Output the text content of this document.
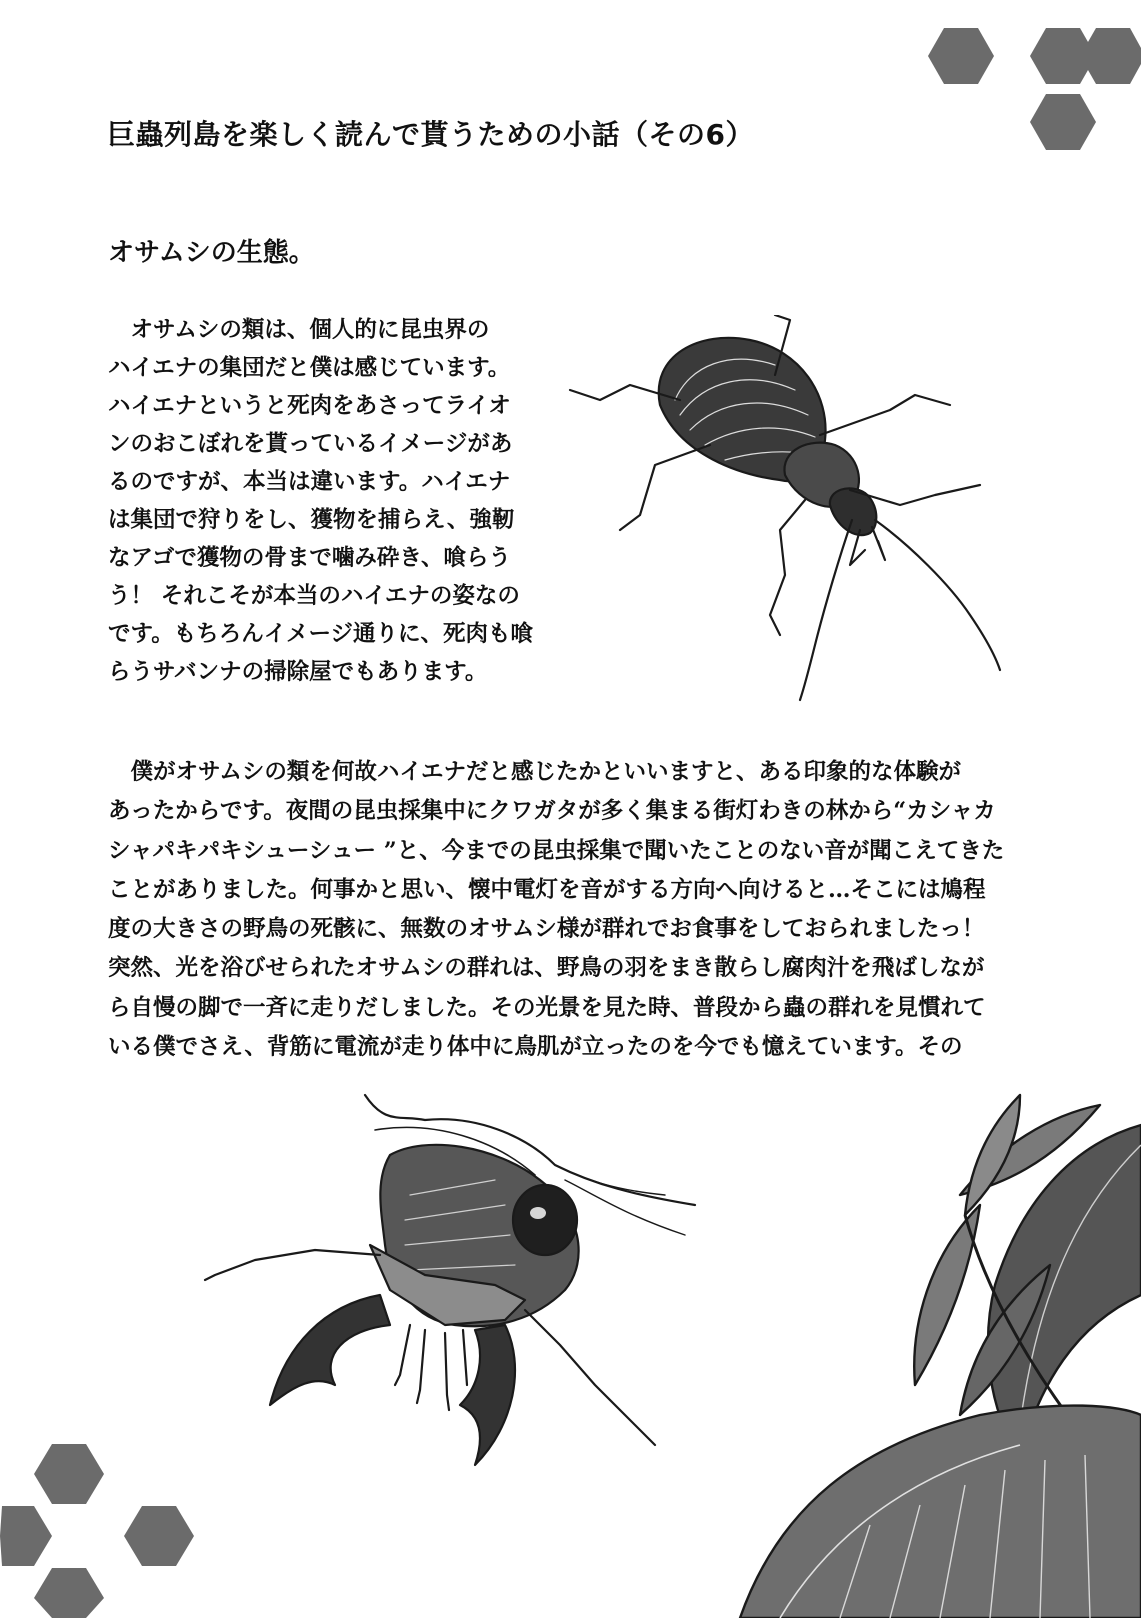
巨蟲列島を楽しく読んで貰うための小話（その6）
オサムシの生態。
　オサムシの類は、個人的に昆虫界の
ハイエナの集団だと僕は感じています。
ハイエナというと死肉をあさってライオ
ンのおこぼれを貰っているイメージがあ
るのですが、本当は違います。ハイエナ
は集団で狩りをし、獲物を捕らえ、強靭
なアゴで獲物の骨まで噛み砕き、喰らう
う！ それこそが本当のハイエナの姿なの
です。もちろんイメージ通りに、死肉も喰
らうサバンナの掃除屋でもあります。
　僕がオサムシの類を何故ハイエナだと感じたかといいますと、ある印象的な体験が
あったからです。夜間の昆虫採集中にクワガタが多く集まる街灯わきの林から“カシャカ
シャパキパキシューシュー ”と、今までの昆虫採集で聞いたことのない音が聞こえてきた
ことがありました。何事かと思い、懐中電灯を音がする方向へ向けると…そこには鳩程
度の大きさの野鳥の死骸に、無数のオサムシ様が群れでお食事をしておられましたっ！
突然、光を浴びせられたオサムシの群れは、野鳥の羽をまき散らし腐肉汁を飛ばしなが
ら自慢の脚で一斉に走りだしました。その光景を見た時、普段から蟲の群れを見慣れて
いる僕でさえ、背筋に電流が走り体中に鳥肌が立ったのを今でも憶えています。その
